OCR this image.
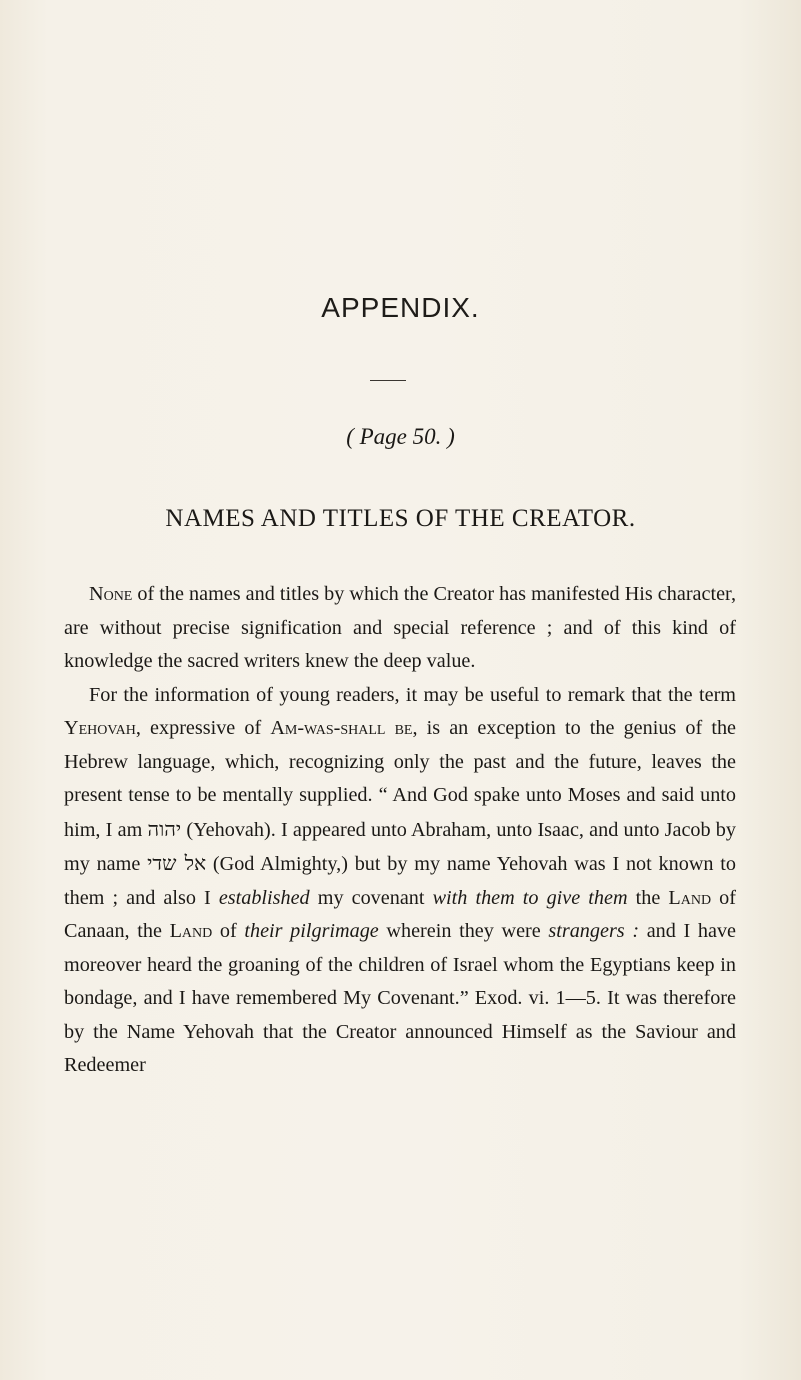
APPENDIX.
( Page 50. )
NAMES AND TITLES OF THE CREATOR.

None of the names and titles by which the Creator has manifested His character, are without precise signification and special reference ; and of this kind of knowledge the sacred writers knew the deep value.

For the information of young readers, it may be useful to remark that the term Yehovah, expressive of Am-was-shall be, is an exception to the genius of the Hebrew language, which, recognizing only the past and the future, leaves the present tense to be mentally supplied. “ And God spake unto Moses and said unto him, I am יהוה (Yehovah). I appeared unto Abraham, unto Isaac, and unto Jacob by my name אל שדי (God Almighty,) but by my name Yehovah was I not known to them ; and also I established my covenant with them to give them the Land of Canaan, the Land of their pilgrimage wherein they were strangers : and I have moreover heard the groaning of the children of Israel whom the Egyptians keep in bondage, and I have remembered My Covenant.” Exod. vi. 1—5. It was therefore by the Name Yehovah that the Creator announced Himself as the Saviour and Redeemer
